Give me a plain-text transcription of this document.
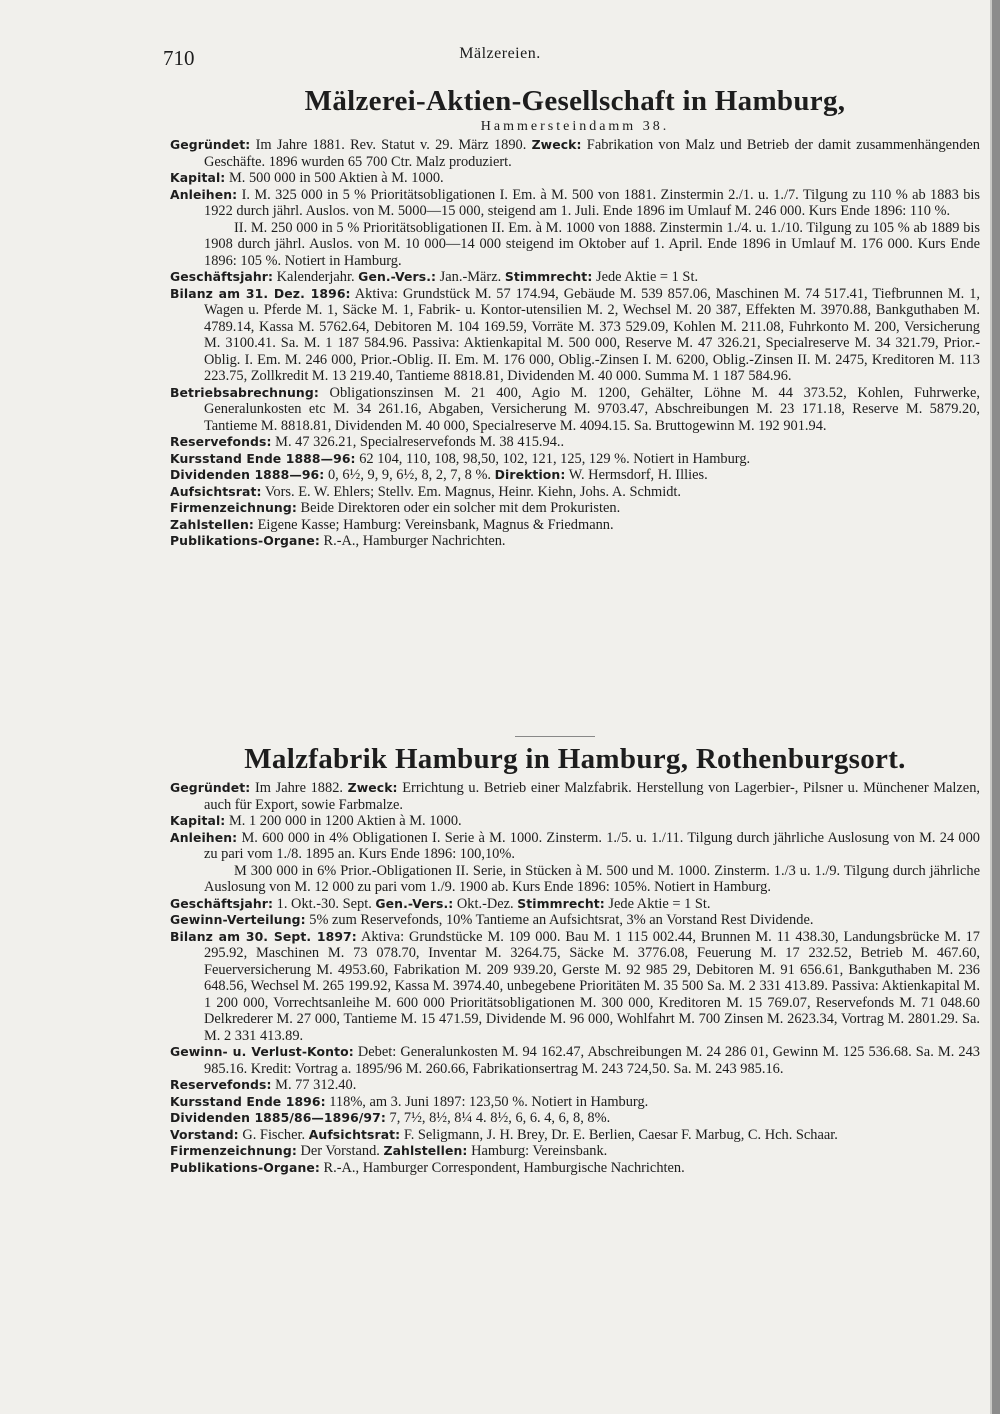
710	Mälzereien.
Mälzerei-Aktien-Gesellschaft in Hamburg,

Hammersteindamm 38.

Gegründet: Im Jahre 1881. Rev. Statut v. 29. März 1890. Zweck: Fabrikation von Malz und Betrieb der damit zusammenhängenden Geschäfte. 1896 wurden 65 700 Ctr. Malz produziert.

Kapital: M. 500 000 in 500 Aktien à M. 1000.

Anleihen: I. M. 325 000 in 5 % Prioritätsobligationen I. Em. à M. 500 von 1881. Zinstermin 2./1. u. 1./7. Tilgung zu 110 % ab 1883 bis 1922 durch jährl. Auslos. von M. 5000—15 000, steigend am 1. Juli. Ende 1896 im Umlauf M. 246 000. Kurs Ende 1896: 110 %.

II. M. 250 000 in 5 % Prioritätsobligationen II. Em. à M. 1000 von 1888. Zinstermin 1./4. u. 1./10. Tilgung zu 105 % ab 1889 bis 1908 durch jährl. Auslos. von M. 10 000—14 000 steigend im Oktober auf 1. April. Ende 1896 in Umlauf M. 176 000. Kurs Ende 1896: 105 %. Notiert in Hamburg.

Geschäftsjahr: Kalenderjahr. Gen.-Vers.: Jan.-März. Stimmrecht: Jede Aktie = 1 St.

Bilanz am 31. Dez. 1896: Aktiva: Grundstück M. 57 174.94, Gebäude M. 539 857.06, Maschinen M. 74 517.41, Tiefbrunnen M. 1, Wagen u. Pferde M. 1, Säcke M. 1, Fabrik- u. Kontor-utensilien M. 2, Wechsel M. 20 387, Effekten M. 3970.88, Bankguthaben M. 4789.14, Kassa M. 5762.64, Debitoren M. 104 169.59, Vorräte M. 373 529.09, Kohlen M. 211.08, Fuhrkonto M. 200, Versicherung M. 3100.41. Sa. M. 1 187 584.96. Passiva: Aktienkapital M. 500 000, Reserve M. 47 326.21, Specialreserve M. 34 321.79, Prior.-Oblig. I. Em. M. 246 000, Prior.-Oblig. II. Em. M. 176 000, Oblig.-Zinsen I. M. 6200, Oblig.-Zinsen II. M. 2475, Kreditoren M. 113 223.75, Zollkredit M. 13 219.40, Tantieme 8818.81, Dividenden M. 40 000. Summa M. 1 187 584.96.

Betriebsabrechnung: Obligationszinsen M. 21 400, Agio M. 1200, Gehälter, Löhne M. 44 373.52, Kohlen, Fuhrwerke, Generalunkosten etc M. 34 261.16, Abgaben, Versicherung M. 9703.47, Abschreibungen M. 23 171.18, Reserve M. 5879.20, Tantieme M. 8818.81, Dividenden M. 40 000, Specialreserve M. 4094.15. Sa. Bruttogewinn M. 192 901.94.

Reservefonds: M. 47 326.21, Specialreservefonds M. 38 415.94..

Kursstand Ende 1888—96: 62 104, 110, 108, 98,50, 102, 121, 125, 129 %. Notiert in Hamburg.

Dividenden 1888—96: 0, 6½, 9, 9, 6½, 8, 2, 7, 8 %. Direktion: W. Hermsdorf, H. Illies.

Aufsichtsrat: Vors. E. W. Ehlers; Stellv. Em. Magnus, Heinr. Kiehn, Johs. A. Schmidt.

Firmenzeichnung: Beide Direktoren oder ein solcher mit dem Prokuristen.

Zahlstellen: Eigene Kasse; Hamburg: Vereinsbank, Magnus & Friedmann.

Publikations-Organe: R.-A., Hamburger Nachrichten.

Malzfabrik Hamburg in Hamburg, Rothenburgsort.

Gegründet: Im Jahre 1882. Zweck: Errichtung u. Betrieb einer Malzfabrik. Herstellung von Lagerbier-, Pilsner u. Münchener Malzen, auch für Export, sowie Farbmalze.

Kapital: M. 1 200 000 in 1200 Aktien à M. 1000.

Anleihen: M. 600 000 in 4% Obligationen I. Serie à M. 1000. Zinsterm. 1./5. u. 1./11. Tilgung durch jährliche Auslosung von M. 24 000 zu pari vom 1./8. 1895 an. Kurs Ende 1896: 100,10%.

M 300 000 in 6% Prior.-Obligationen II. Serie, in Stücken à M. 500 und M. 1000. Zinsterm. 1./3 u. 1./9. Tilgung durch jährliche Auslosung von M. 12 000 zu pari vom 1./9. 1900 ab. Kurs Ende 1896: 105%. Notiert in Hamburg.

Geschäftsjahr: 1. Okt.-30. Sept. Gen.-Vers.: Okt.-Dez. Stimmrecht: Jede Aktie = 1 St.

Gewinn-Verteilung: 5% zum Reservefonds, 10% Tantieme an Aufsichtsrat, 3% an Vorstand Rest Dividende.

Bilanz am 30. Sept. 1897: Aktiva: Grundstücke M. 109 000. Bau M. 1 115 002.44, Brunnen M. 11 438.30, Landungsbrücke M. 17 295.92, Maschinen M. 73 078.70, Inventar M. 3264.75, Säcke M. 3776.08, Feuerung M. 17 232.52, Betrieb M. 467.60, Feuerversicherung M. 4953.60, Fabrikation M. 209 939.20, Gerste M. 92 985 29, Debitoren M. 91 656.61, Bankguthaben M. 236 648.56, Wechsel M. 265 199.92, Kassa M. 3974.40, unbegebene Prioritäten M. 35 500 Sa. M. 2 331 413.89. Passiva: Aktienkapital M. 1 200 000, Vorrechtsanleihe M. 600 000 Prioritätsobligationen M. 300 000, Kreditoren M. 15 769.07, Reservefonds M. 71 048.60 Delkrederer M. 27 000, Tantieme M. 15 471.59, Dividende M. 96 000, Wohlfahrt M. 700 Zinsen M. 2623.34, Vortrag M. 2801.29. Sa. M. 2 331 413.89.

Gewinn- u. Verlust-Konto: Debet: Generalunkosten M. 94 162.47, Abschreibungen M. 24 286 01, Gewinn M. 125 536.68. Sa. M. 243 985.16. Kredit: Vortrag a. 1895/96 M. 260.66, Fabrikationsertrag M. 243 724,50. Sa. M. 243 985.16.

Reservefonds: M. 77 312.40.

Kursstand Ende 1896: 118%, am 3. Juni 1897: 123,50 %. Notiert in Hamburg.

Dividenden 1885/86—1896/97: 7, 7½, 8½, 8¼ 4. 8½, 6, 6. 4, 6, 8, 8%.

Vorstand: G. Fischer. Aufsichtsrat: F. Seligmann, J. H. Brey, Dr. E. Berlien, Caesar F. Marbug, C. Hch. Schaar.

Firmenzeichnung: Der Vorstand. Zahlstellen: Hamburg: Vereinsbank.

Publikations-Organe: R.-A., Hamburger Correspondent, Hamburgische Nachrichten.
